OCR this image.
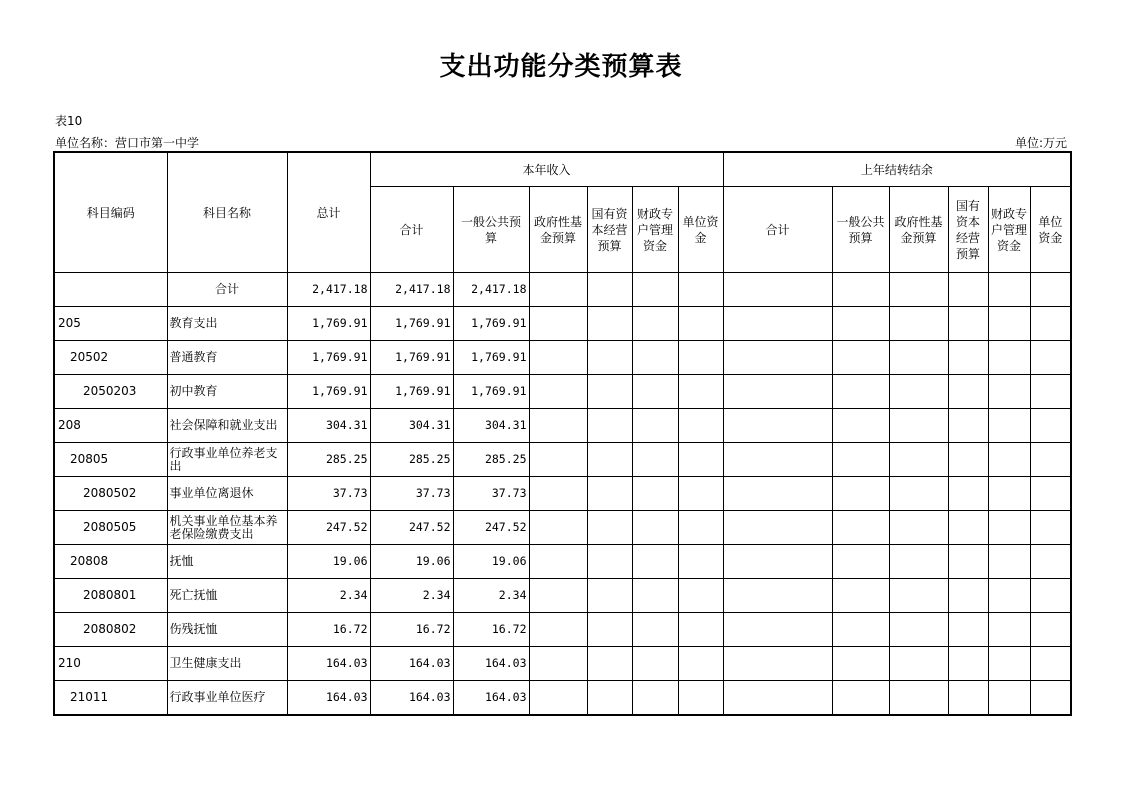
支出功能分类预算表
表10
单位名称：营口市第一中学	单位:万元
科目编码	科目名称	总计	本年收入						上年结转结余					
			合计	一般公共预算	政府性基金预算	国有资本经营预算	财政专户管理资金	单位资金	合计	一般公共预算	政府性基金预算	国有资本经营预算	财政专户管理资金	单位资金
	合计	2,417.18	2,417.18	2,417.18										
205	教育支出	1,769.91	1,769.91	1,769.91										
20502	普通教育	1,769.91	1,769.91	1,769.91										
2050203	初中教育	1,769.91	1,769.91	1,769.91										
208	社会保障和就业支出	304.31	304.31	304.31										
20805	行政事业单位养老支出	285.25	285.25	285.25										
2080502	事业单位离退休	37.73	37.73	37.73										
2080505	机关事业单位基本养老保险缴费支出	247.52	247.52	247.52										
20808	抚恤	19.06	19.06	19.06										
2080801	死亡抚恤	2.34	2.34	2.34										
2080802	伤残抚恤	16.72	16.72	16.72										
210	卫生健康支出	164.03	164.03	164.03										
21011	行政事业单位医疗	164.03	164.03	164.03										
